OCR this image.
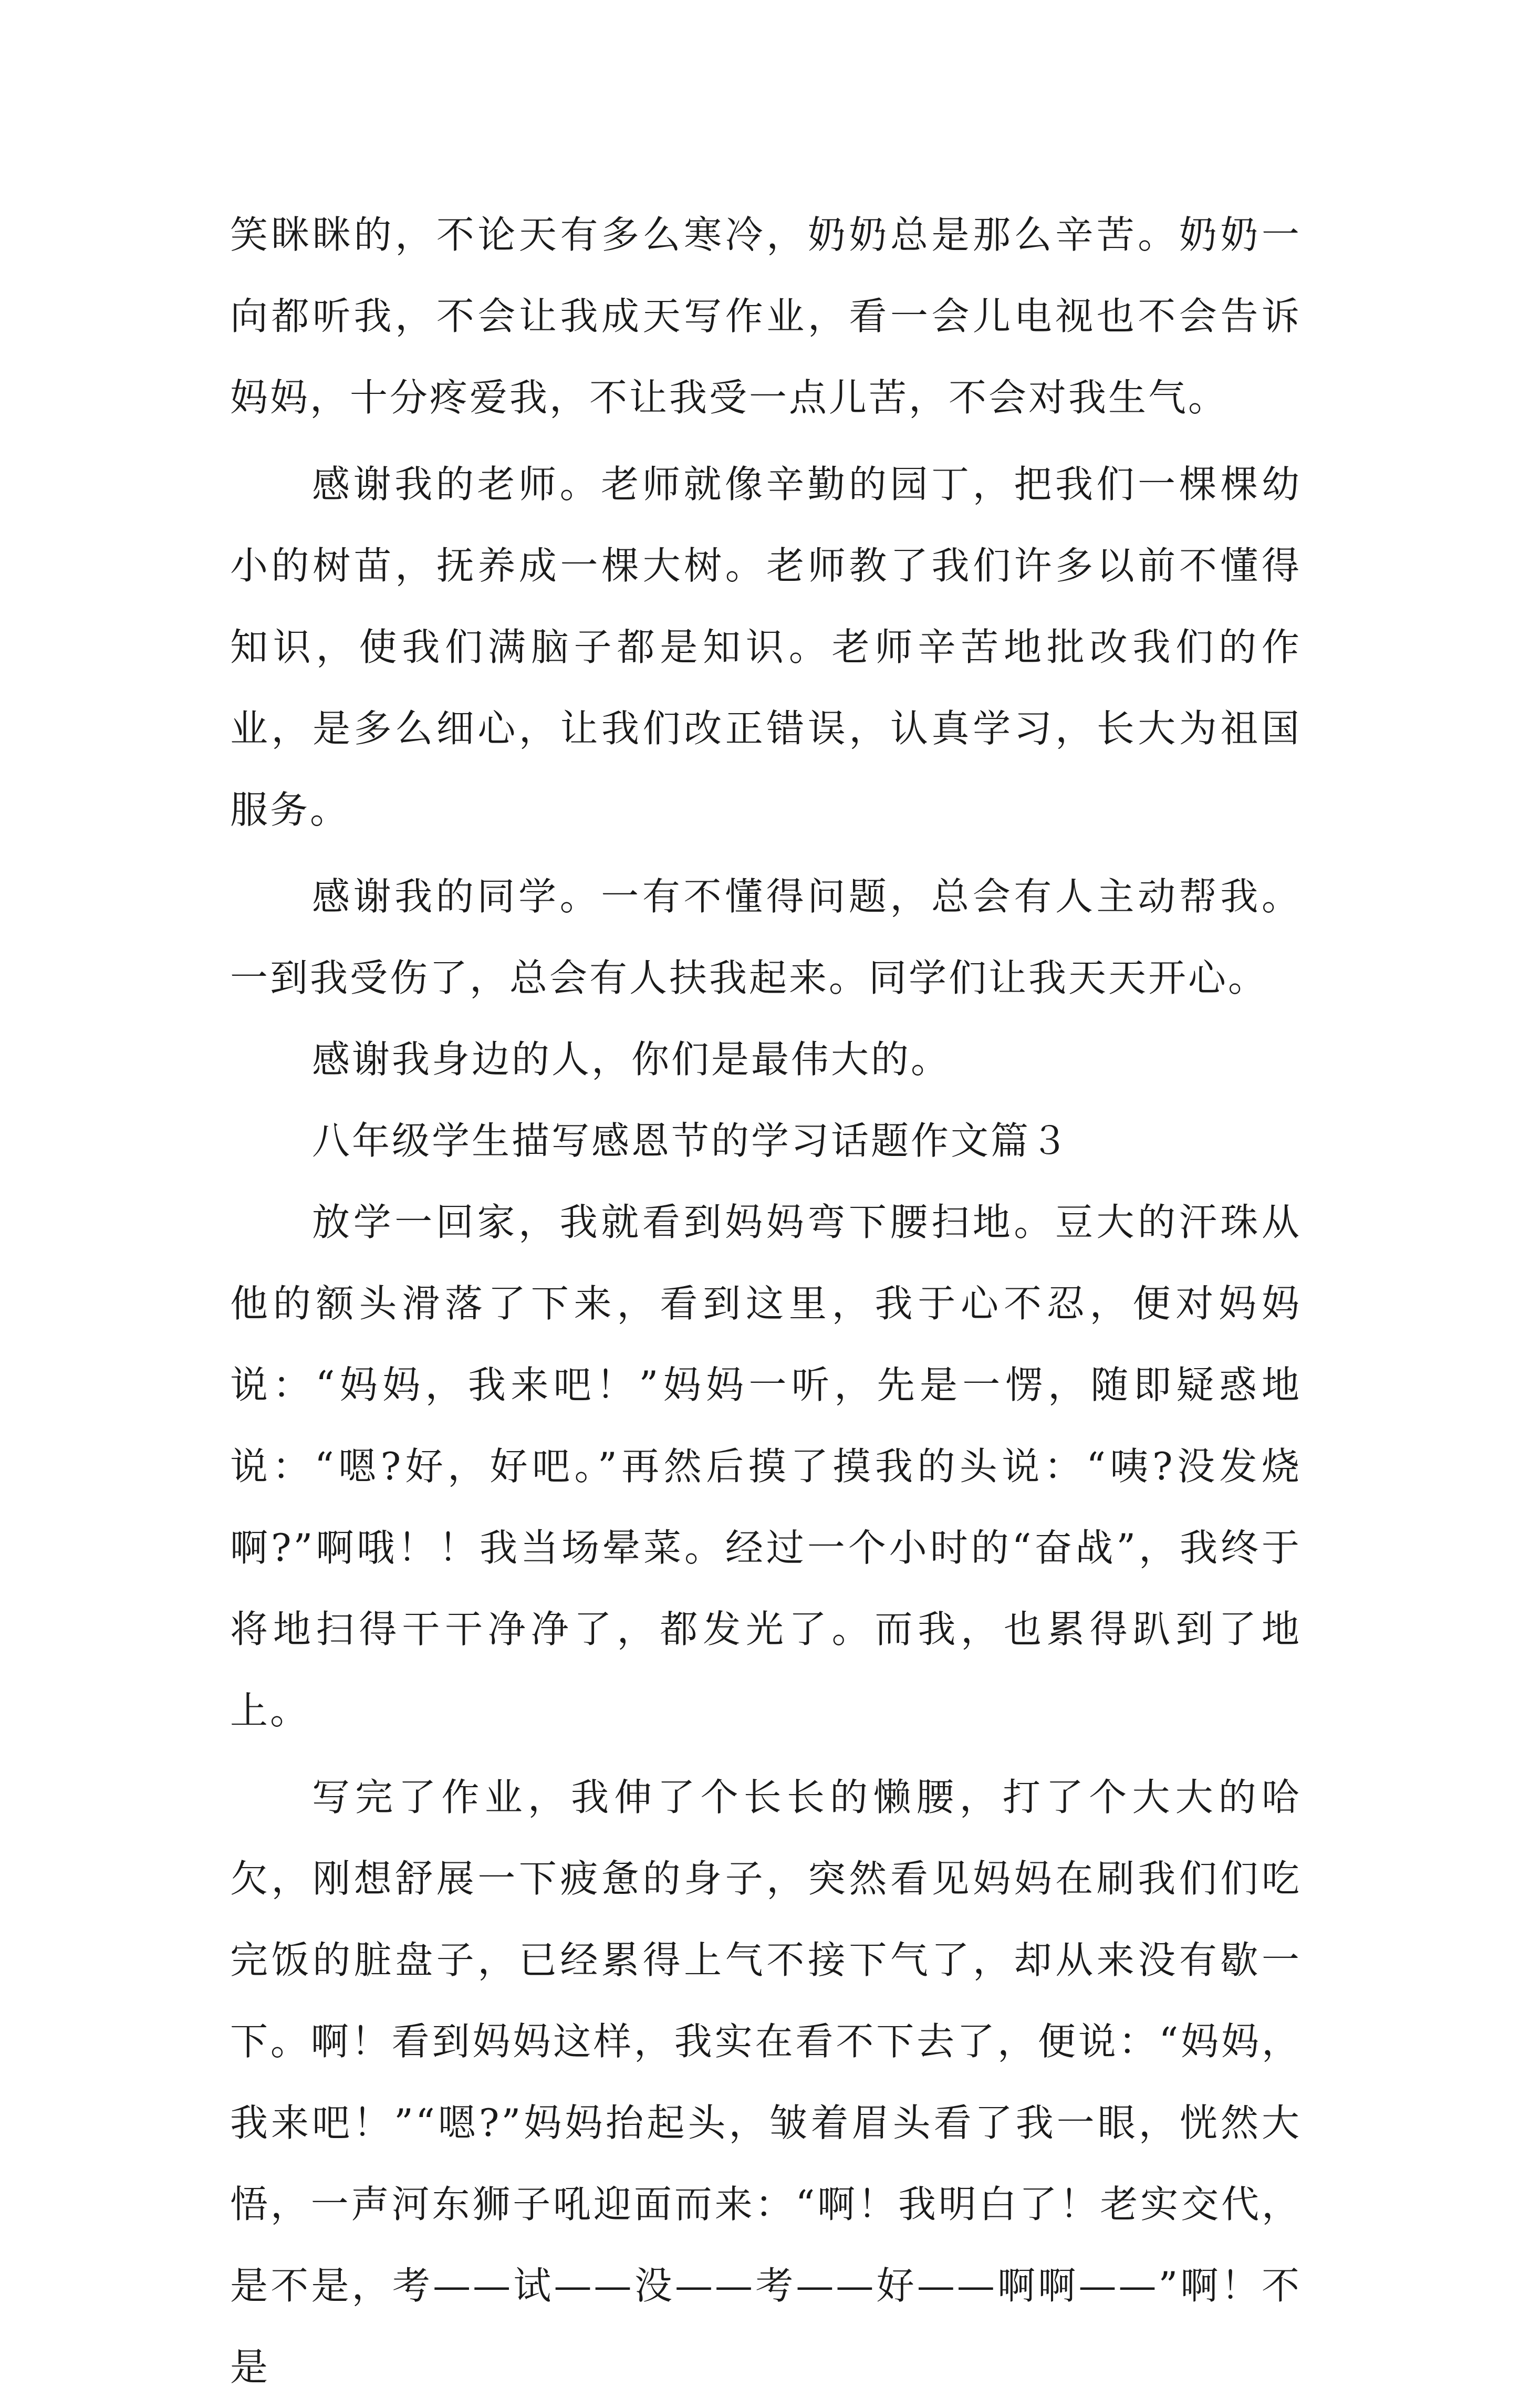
笑眯眯的，不论天有多么寒冷，奶奶总是那么辛苦。奶奶一向都听我，不会让我成天写作业，看一会儿电视也不会告诉妈妈，十分疼爱我，不让我受一点儿苦，不会对我生气。

感谢我的老师。老师就像辛勤的园丁，把我们一棵棵幼小的树苗，抚养成一棵大树。老师教了我们许多以前不懂得知识，使我们满脑子都是知识。老师辛苦地批改我们的作业，是多么细心，让我们改正错误，认真学习，长大为祖国服务。

感谢我的同学。一有不懂得问题，总会有人主动帮我。一到我受伤了，总会有人扶我起来。同学们让我天天开心。

感谢我身边的人，你们是最伟大的。

八年级学生描写感恩节的学习话题作文篇３

放学一回家，我就看到妈妈弯下腰扫地。豆大的汗珠从他的额头滑落了下来，看到这里，我于心不忍，便对妈妈说：“妈妈，我来吧！”妈妈一听，先是一愣，随即疑惑地说：“嗯?好，好吧。”再然后摸了摸我的头说：“咦?没发烧啊?”啊哦！！我当场晕菜。经过一个小时的“奋战”，我终于将地扫得干干净净了，都发光了。而我，也累得趴到了地上。

写完了作业，我伸了个长长的懒腰，打了个大大的哈欠，刚想舒展一下疲惫的身子，突然看见妈妈在刷我们们吃完饭的脏盘子，已经累得上气不接下气了，却从来没有歇一下。啊！看到妈妈这样，我实在看不下去了，便说：“妈妈，我来吧！”“嗯?”妈妈抬起头，皱着眉头看了我一眼，恍然大悟，一声河东狮子吼迎面而来：“啊！我明白了！老实交代，是不是，考——试——没——考——好——啊啊——”啊！不是
